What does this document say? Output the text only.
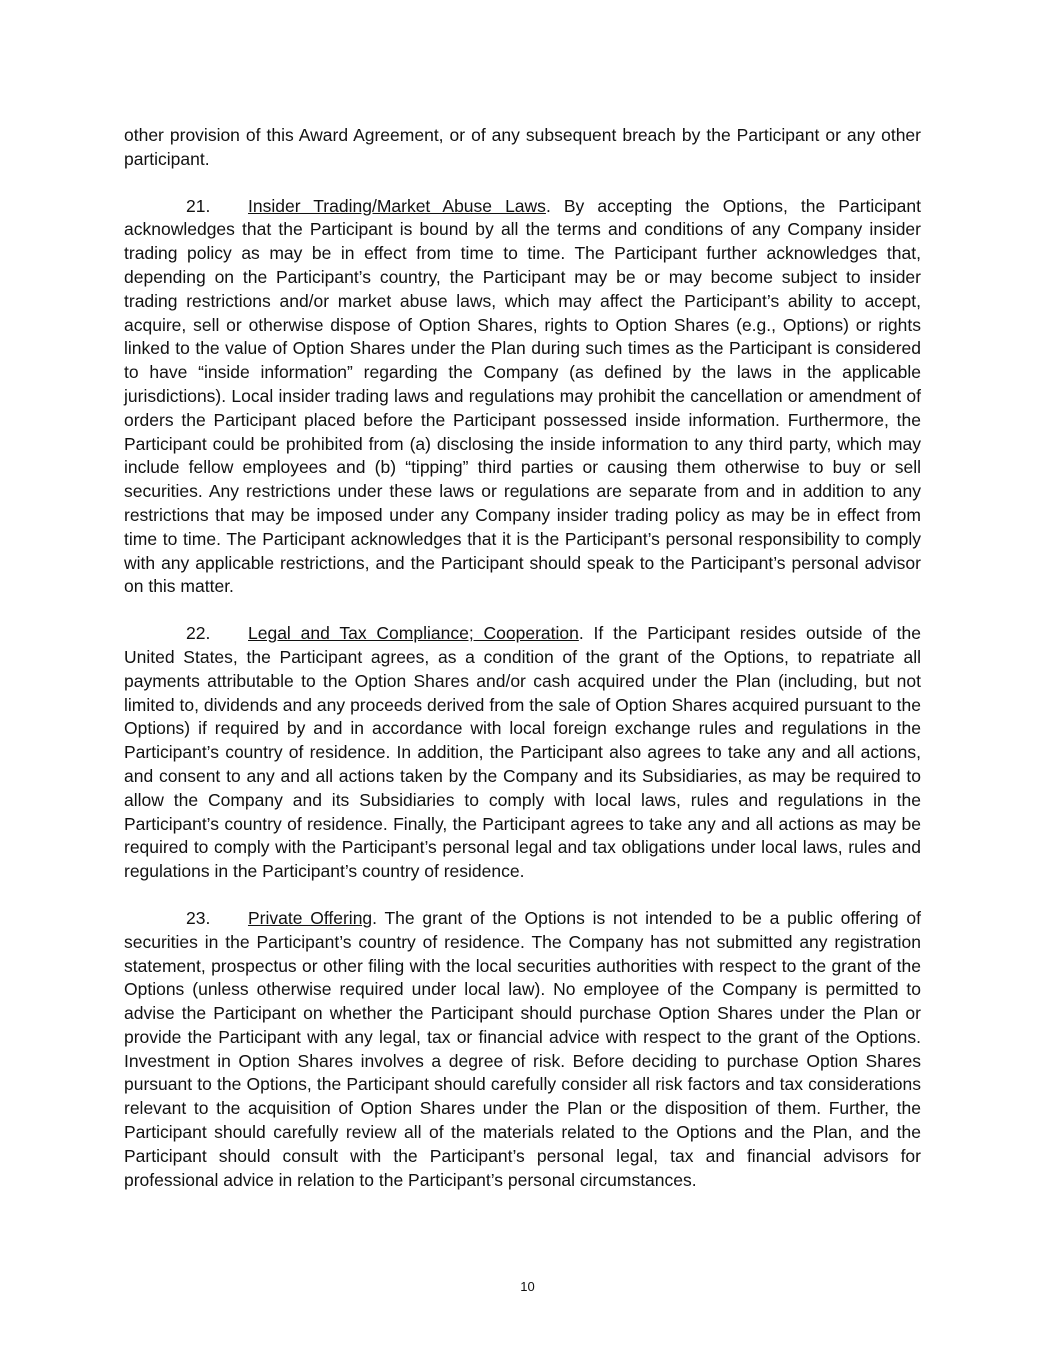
other provision of this Award Agreement, or of any subsequent breach by the Participant or any other participant.

21. Insider Trading/Market Abuse Laws. By accepting the Options, the Participant acknowledges that the Participant is bound by all the terms and conditions of any Company insider trading policy as may be in effect from time to time. The Participant further acknowledges that, depending on the Participant’s country, the Participant may be or may become subject to insider trading restrictions and/or market abuse laws, which may affect the Participant’s ability to accept, acquire, sell or otherwise dispose of Option Shares, rights to Option Shares (e.g., Options) or rights linked to the value of Option Shares under the Plan during such times as the Participant is considered to have “inside information” regarding the Company (as defined by the laws in the applicable jurisdictions). Local insider trading laws and regulations may prohibit the cancellation or amendment of orders the Participant placed before the Participant possessed inside information. Furthermore, the Participant could be prohibited from (a) disclosing the inside information to any third party, which may include fellow employees and (b) “tipping” third parties or causing them otherwise to buy or sell securities. Any restrictions under these laws or regulations are separate from and in addition to any restrictions that may be imposed under any Company insider trading policy as may be in effect from time to time. The Participant acknowledges that it is the Participant’s personal responsibility to comply with any applicable restrictions, and the Participant should speak to the Participant’s personal advisor on this matter.

22. Legal and Tax Compliance; Cooperation. If the Participant resides outside of the United States, the Participant agrees, as a condition of the grant of the Options, to repatriate all payments attributable to the Option Shares and/or cash acquired under the Plan (including, but not limited to, dividends and any proceeds derived from the sale of Option Shares acquired pursuant to the Options) if required by and in accordance with local foreign exchange rules and regulations in the Participant’s country of residence. In addition, the Participant also agrees to take any and all actions, and consent to any and all actions taken by the Company and its Subsidiaries, as may be required to allow the Company and its Subsidiaries to comply with local laws, rules and regulations in the Participant’s country of residence. Finally, the Participant agrees to take any and all actions as may be required to comply with the Participant’s personal legal and tax obligations under local laws, rules and regulations in the Participant’s country of residence.

23. Private Offering. The grant of the Options is not intended to be a public offering of securities in the Participant’s country of residence. The Company has not submitted any registration statement, prospectus or other filing with the local securities authorities with respect to the grant of the Options (unless otherwise required under local law). No employee of the Company is permitted to advise the Participant on whether the Participant should purchase Option Shares under the Plan or provide the Participant with any legal, tax or financial advice with respect to the grant of the Options. Investment in Option Shares involves a degree of risk. Before deciding to purchase Option Shares pursuant to the Options, the Participant should carefully consider all risk factors and tax considerations relevant to the acquisition of Option Shares under the Plan or the disposition of them. Further, the Participant should carefully review all of the materials related to the Options and the Plan, and the Participant should consult with the Participant’s personal legal, tax and financial advisors for professional advice in relation to the Participant’s personal circumstances.

10
